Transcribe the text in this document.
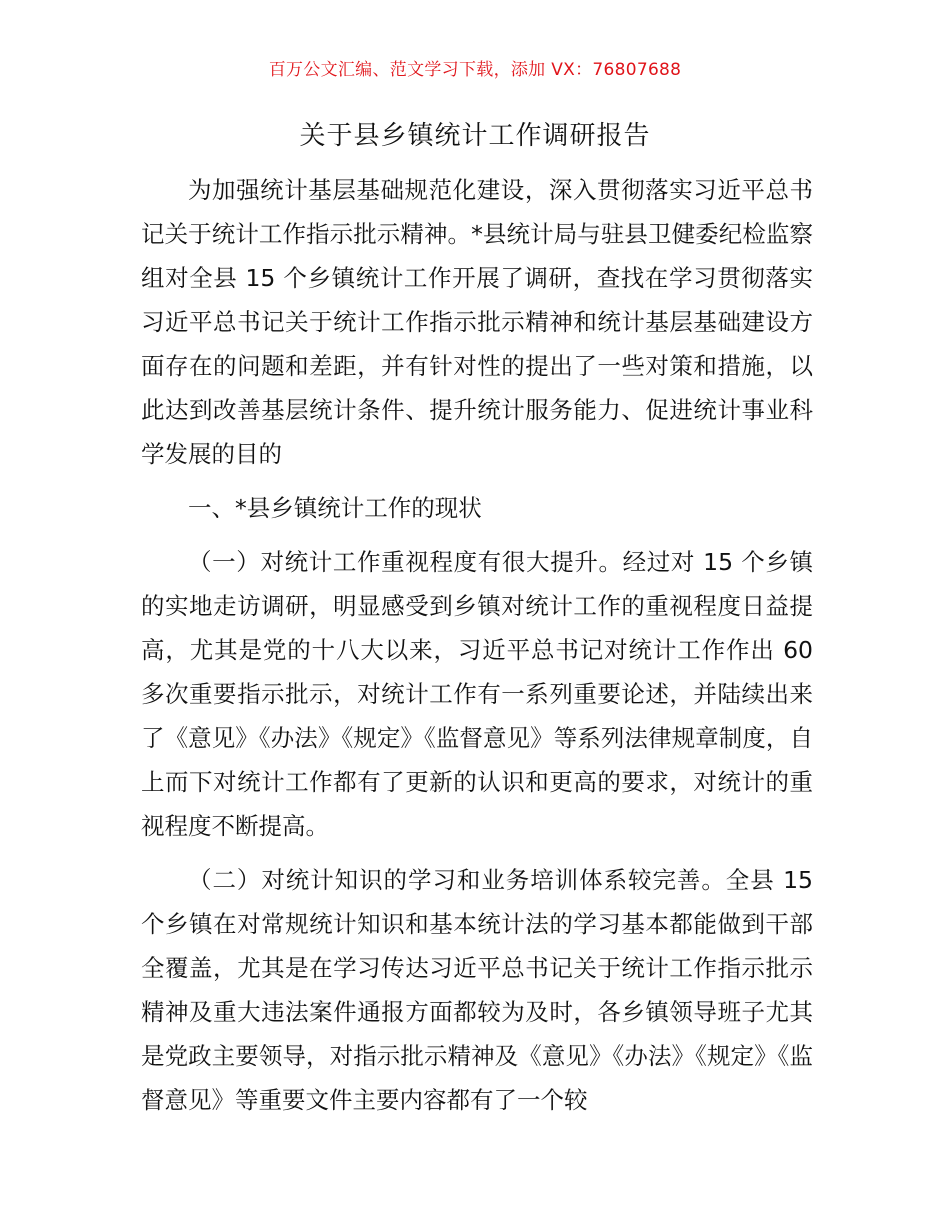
百万公文汇编、范文学习下载，添加 VX：76807688
关于县乡镇统计工作调研报告

为加强统计基层基础规范化建设，深入贯彻落实习近平总书记关于统计工作指示批示精神。*县统计局与驻县卫健委纪检监察组对全县 15 个乡镇统计工作开展了调研，查找在学习贯彻落实习近平总书记关于统计工作指示批示精神和统计基层基础建设方面存在的问题和差距，并有针对性的提出了一些对策和措施，以此达到改善基层统计条件、提升统计服务能力、促进统计事业科学发展的目的

一、*县乡镇统计工作的现状

（一）对统计工作重视程度有很大提升。经过对 15 个乡镇的实地走访调研，明显感受到乡镇对统计工作的重视程度日益提高，尤其是党的十八大以来，习近平总书记对统计工作作出 60 多次重要指示批示，对统计工作有一系列重要论述，并陆续出来了《意见》《办法》《规定》《监督意见》等系列法律规章制度，自上而下对统计工作都有了更新的认识和更高的要求，对统计的重视程度不断提高。

（二）对统计知识的学习和业务培训体系较完善。全县 15 个乡镇在对常规统计知识和基本统计法的学习基本都能做到干部全覆盖，尤其是在学习传达习近平总书记关于统计工作指示批示精神及重大违法案件通报方面都较为及时，各乡镇领导班子尤其是党政主要领导，对指示批示精神及《意见》《办法》《规定》《监督意见》等重要文件主要内容都有了一个较
